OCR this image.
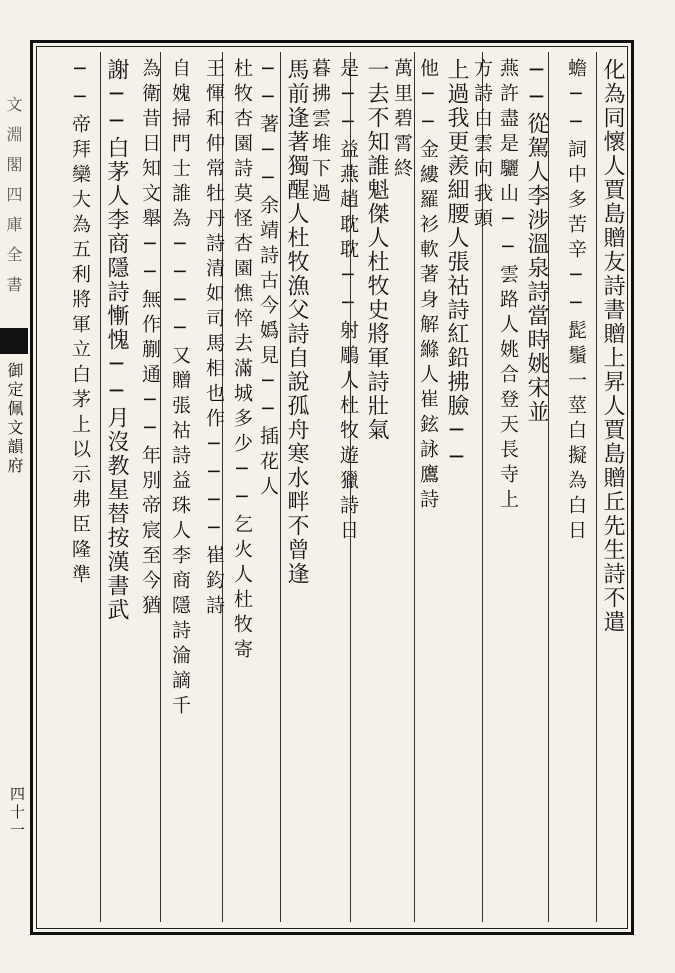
文淵閣四庫全書
御定佩文韻府
四十一
化為同懷人賈島贈友詩書贈上昇人賈島贈丘先生詩不遣
蟾──詞中多苦辛──髭鬚一莖白擬為白日
──從駕人李涉溫泉詩當時姚宋並
燕許盡是驪山──雲路人姚合登天長寺上
方詩白雲向我頭
上過我更羨細腰人張祜詩紅鉛拂臉──
他──金縷羅衫軟著身解縧人崔鉉詠鷹詩
萬里碧霄終
一去不知誰魁傑人杜牧史將軍詩壯氣
是──益燕趙耽耽──射鵰人杜牧遊獵詩日
暮拂雲堆下過
馬前逢著獨醒人杜牧漁父詩自說孤舟寒水畔不曾逢
──著──余靖詩古今嬀見──插花人
杜牧杏園詩莫怪杏園憔悴去滿城多少──乞火人杜牧寄
王惲和仲常牡丹詩清如司馬相也作────崔鈞詩
自媿掃門士誰為────又贈張祜詩益珠人李商隱詩淪謫千
為衛昔日知文舉──無作蒯通──年別帝宸至今猶
謝──白茅人李商隱詩慚愧──月沒教星替按漢書武
──帝拜欒大為五利將軍立白茅上以示弗臣隆準
